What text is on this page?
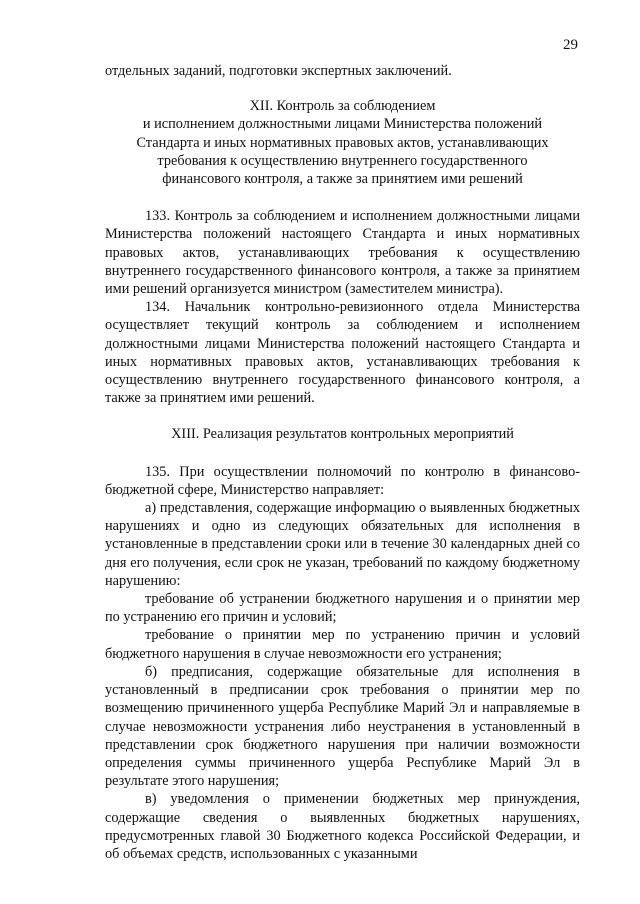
29

отдельных заданий, подготовки экспертных заключений.

XII. Контроль за соблюдением
и исполнением должностными лицами Министерства положений
Стандарта и иных нормативных правовых актов, устанавливающих
требования к осуществлению внутреннего государственного
финансового контроля, а также за принятием ими решений

133. Контроль за соблюдением и исполнением должностными лицами Министерства положений настоящего Стандарта и иных нормативных правовых актов, устанавливающих требования к осуществлению внутреннего государственного финансового контроля, а также за принятием ими решений организуется министром (заместителем министра).

134. Начальник контрольно-ревизионного отдела Министерства осуществляет текущий контроль за соблюдением и исполнением должностными лицами Министерства положений настоящего Стандарта и иных нормативных правовых актов, устанавливающих требования к осуществлению внутреннего государственного финансового контроля, а также за принятием ими решений.

XIII. Реализация результатов контрольных мероприятий

135. При осуществлении полномочий по контролю в финансово-бюджетной сфере, Министерство направляет:

а) представления, содержащие информацию о выявленных бюджетных нарушениях и одно из следующих обязательных для исполнения в установленные в представлении сроки или в течение 30 календарных дней со дня его получения, если срок не указан, требований по каждому бюджетному нарушению:

требование об устранении бюджетного нарушения и о принятии мер по устранению его причин и условий;

требование о принятии мер по устранению причин и условий бюджетного нарушения в случае невозможности его устранения;

б) предписания, содержащие обязательные для исполнения в установленный в предписании срок требования о принятии мер по возмещению причиненного ущерба Республике Марий Эл и направляемые в случае невозможности устранения либо неустранения в установленный в представлении срок бюджетного нарушения при наличии возможности определения суммы причиненного ущерба Республике Марий Эл в результате этого нарушения;

в) уведомления о применении бюджетных мер принуждения, содержащие сведения о выявленных бюджетных нарушениях, предусмотренных главой 30 Бюджетного кодекса Российской Федерации, и об объемах средств, использованных с указанными
